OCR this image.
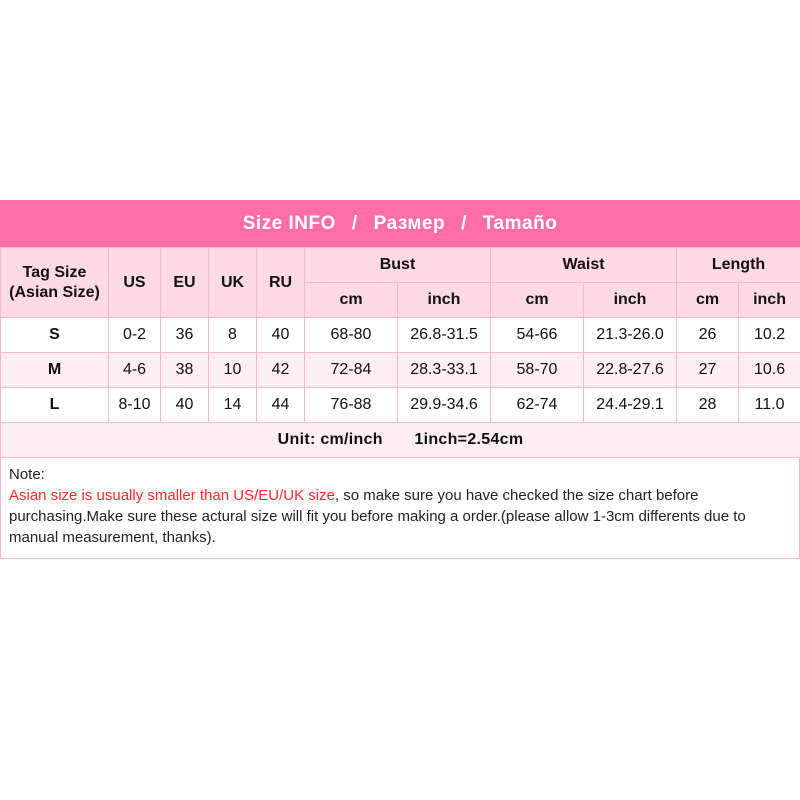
Size INFO / Размер / Tamaño
Tag Size (Asian Size)	US	EU	UK	RU	Bust		Waist		Length	
					cm	inch	cm	inch	cm	inch
S	0-2	36	8	40	68-80	26.8-31.5	54-66	21.3-26.0	26	10.2
M	4-6	38	10	42	72-84	28.3-33.1	58-70	22.8-27.6	27	10.6
L	8-10	40	14	44	76-88	29.9-34.6	62-74	24.4-29.1	28	11.0
Unit: cm/inch 1inch=2.54cm										
Note:
Asian size is usually smaller than US/EU/UK size, so make sure you have checked the size chart before purchasing.Make sure these actural size will fit you before making a order.(please allow 1-3cm differents due to manual measurement, thanks).
